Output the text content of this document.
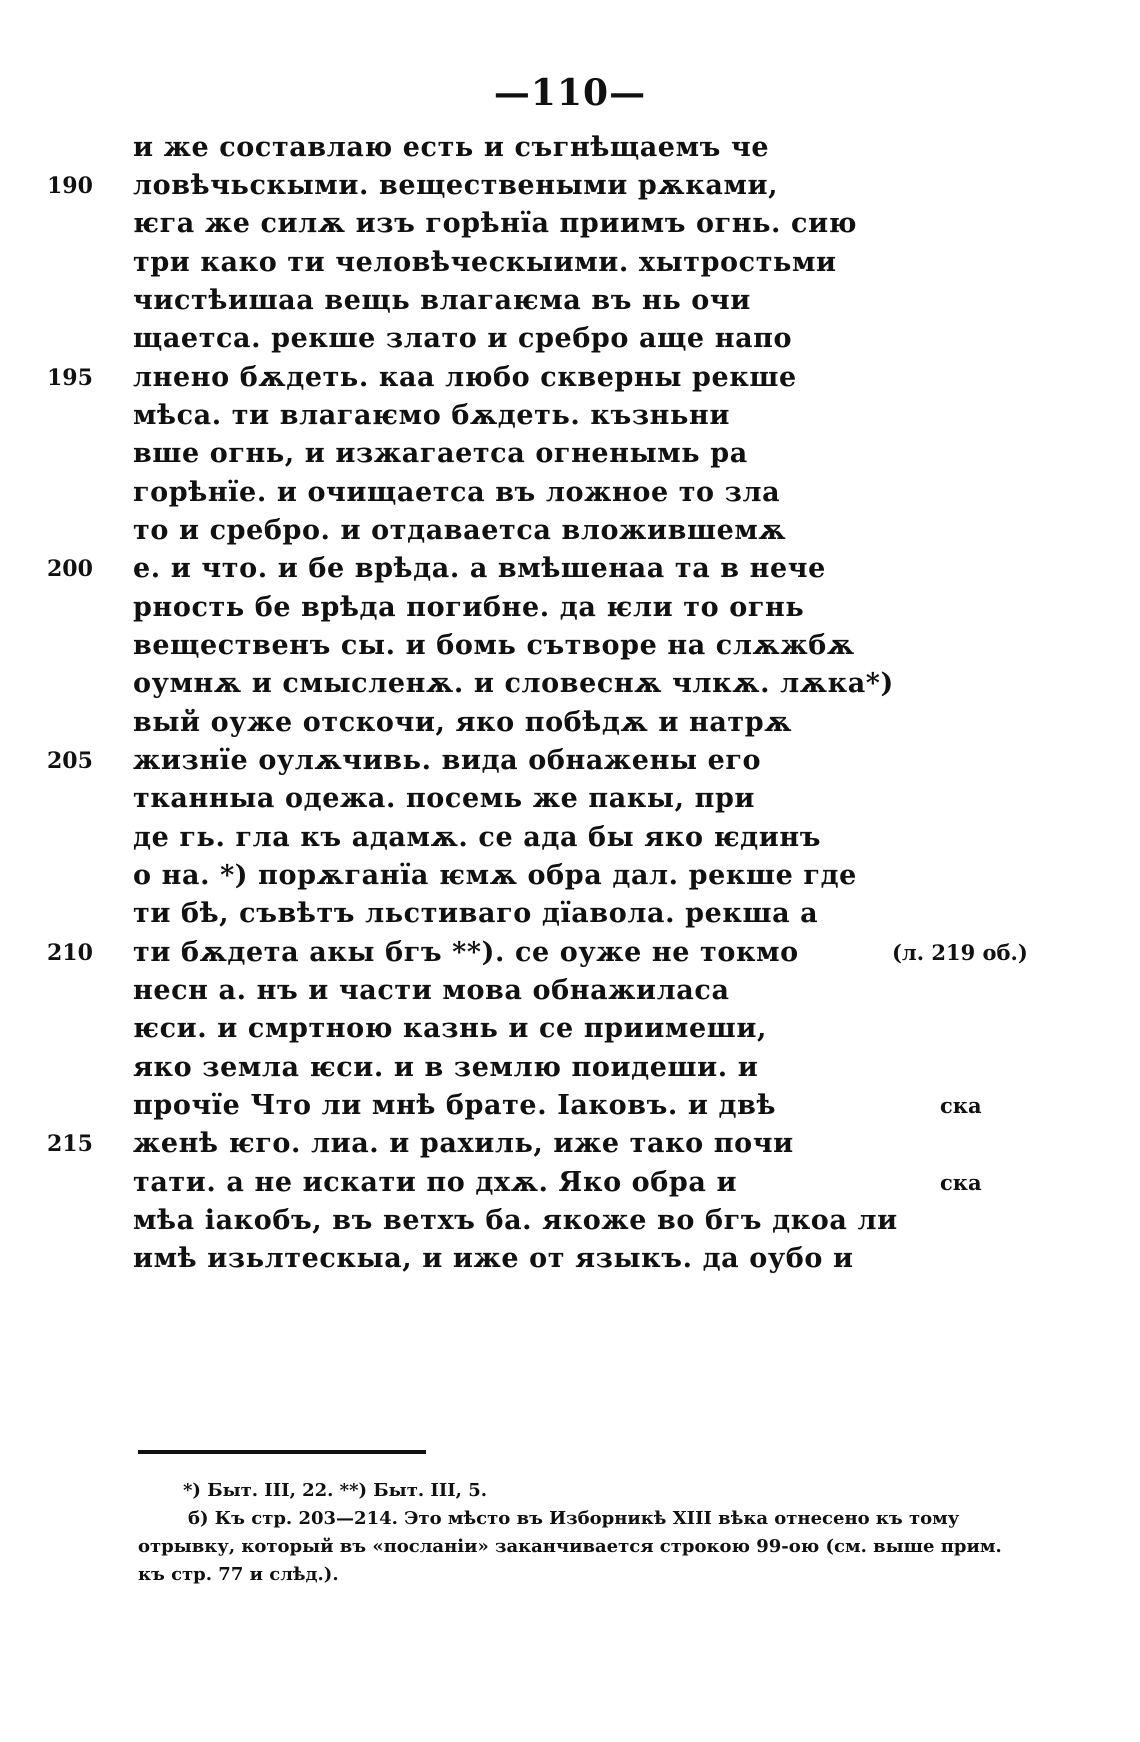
—110—
и же составлаю есть и съгнѣщаемъ че
ловѣчьскыми. веществеными рѫками,
ѥга же силѫ изъ горѣнїа приимъ огнь. сию
три како ти человѣческыими. хытростьми
чистѣишаа вещь влагаѥма въ нь очи
щаетса. рекше злато и сребро аще напо
лнено бѫдеть. каа любо скверны рекше
мѣса. ти влагаѥмо бѫдеть. къзньни
вше огнь, и изжагаетса огненымь ра
горѣнїе. и очищаетса въ ложное то зла
то и сребро. и отдаваетса вложившемѫ
е. и что. и бе врѣда. а вмѣшенаа та в нече
рность бе врѣда погибне. да ѥли то огнь
вещественъ сы. и бомь сътворе на слѫжбѫ
оумнѫ и смысленѫ. и словеснѫ члкѫ. лѫка*)
вый оуже отскочи, яко побѣдѫ и натрѫ
жизнїе оулѫчивь. вида обнажены его
тканныа одежа. посемь же пакы, при
де гь. гла къ адамѫ. се ада бы яко ѥдинъ
о на. *) порѫганїа ѥмѫ обра дал. рекше где
ти бѣ, съвѣтъ льстиваго дїавола. рекша а
ти бѫдета акы бгъ **). се оуже не токмо
несн а. нъ и части мова обнажиласа
ѥси. и смртною казнь и се приимеши,
яко земла ѥси. и в землю поидеши. и
прочїе Что ли мнѣ брате. Іаковъ. и двѣ
женѣ ѥго. лиа. и рахиль, иже тако почи
тати. а не искати по дхѫ. Яко обра и
мѣа іакобъ, въ ветхъ ба. якоже во бгъ дкоа ли
имѣ изьлтескыа, и иже от языкъ. да оубо и
190
195
200
205
210
215
(л. 219 об.)
ска
ска
*) Быт. III, 22. **) Быт. III, 5.
б) Къ стр. 203—214. Это мѣсто въ Изборникѣ XIII вѣка отнесено къ тому
отрывку, который въ «посланіи» заканчивается строкою 99-ою (см. выше прим.
къ стр. 77 и слѣд.).
